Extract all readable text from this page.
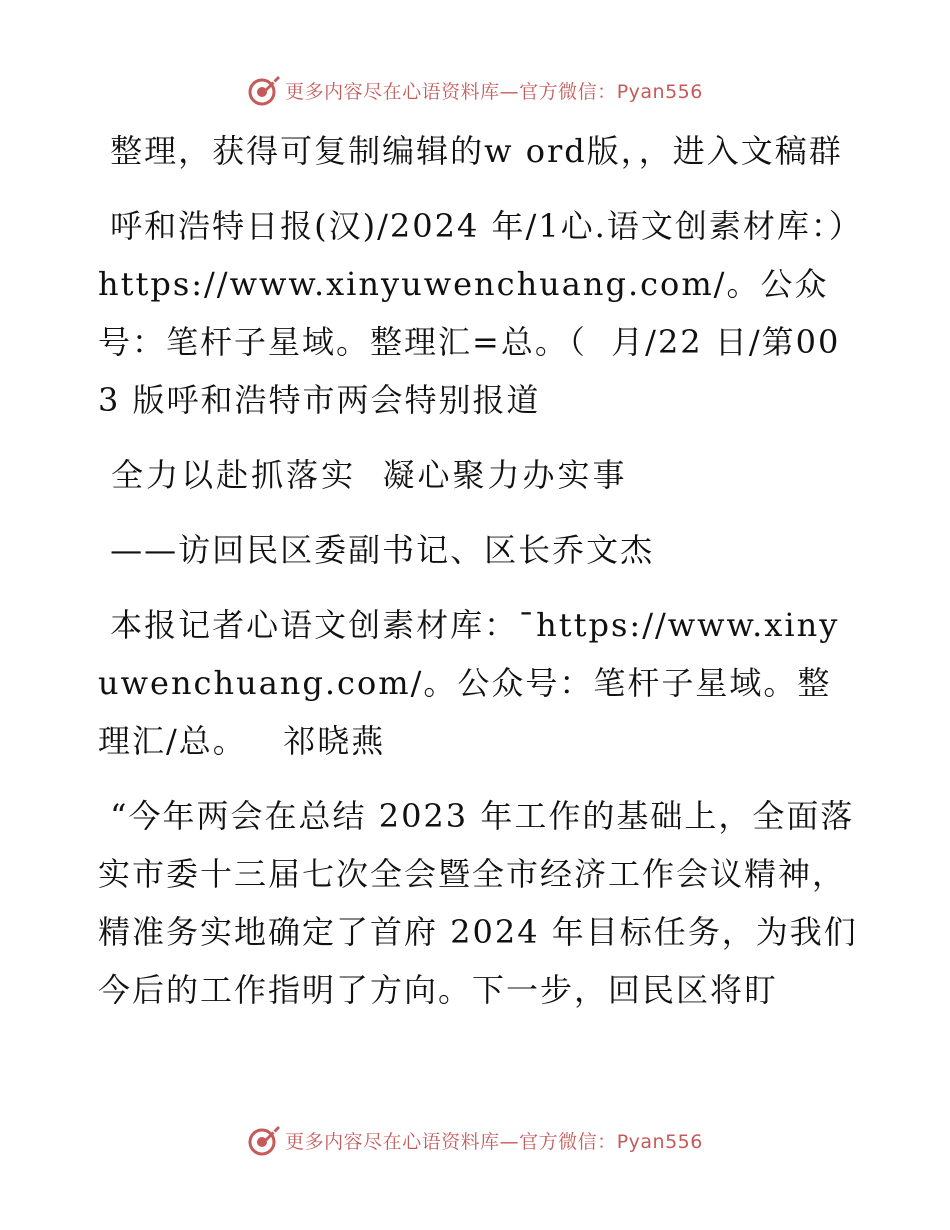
更多内容尽在心语资料库—官方微信：Pyan556

整理，获得可复制编辑的w ord版，，进入文稿群

呼和浩特日报(汉)/2024 年/1心.语文创素材库：）https://www.xinyuwenchuang.com/。公众号：笔杆子星域。整理汇=总。（  月/22 日/第003 版呼和浩特市两会特别报道

全力以赴抓落实  凝心聚力办实事

——访回民区委副书记、区长乔文杰

本报记者心语文创素材库：¯https://www.xinyuwenchuang.com/。公众号：笔杆子星域。整理汇/总。   祁晓燕

“今年两会在总结 2023 年工作的基础上，全面落实市委十三届七次全会暨全市经济工作会议精神，精准务实地确定了首府 2024 年目标任务，为我们今后的工作指明了方向。下一步，回民区将盯

更多内容尽在心语资料库—官方微信：Pyan556
